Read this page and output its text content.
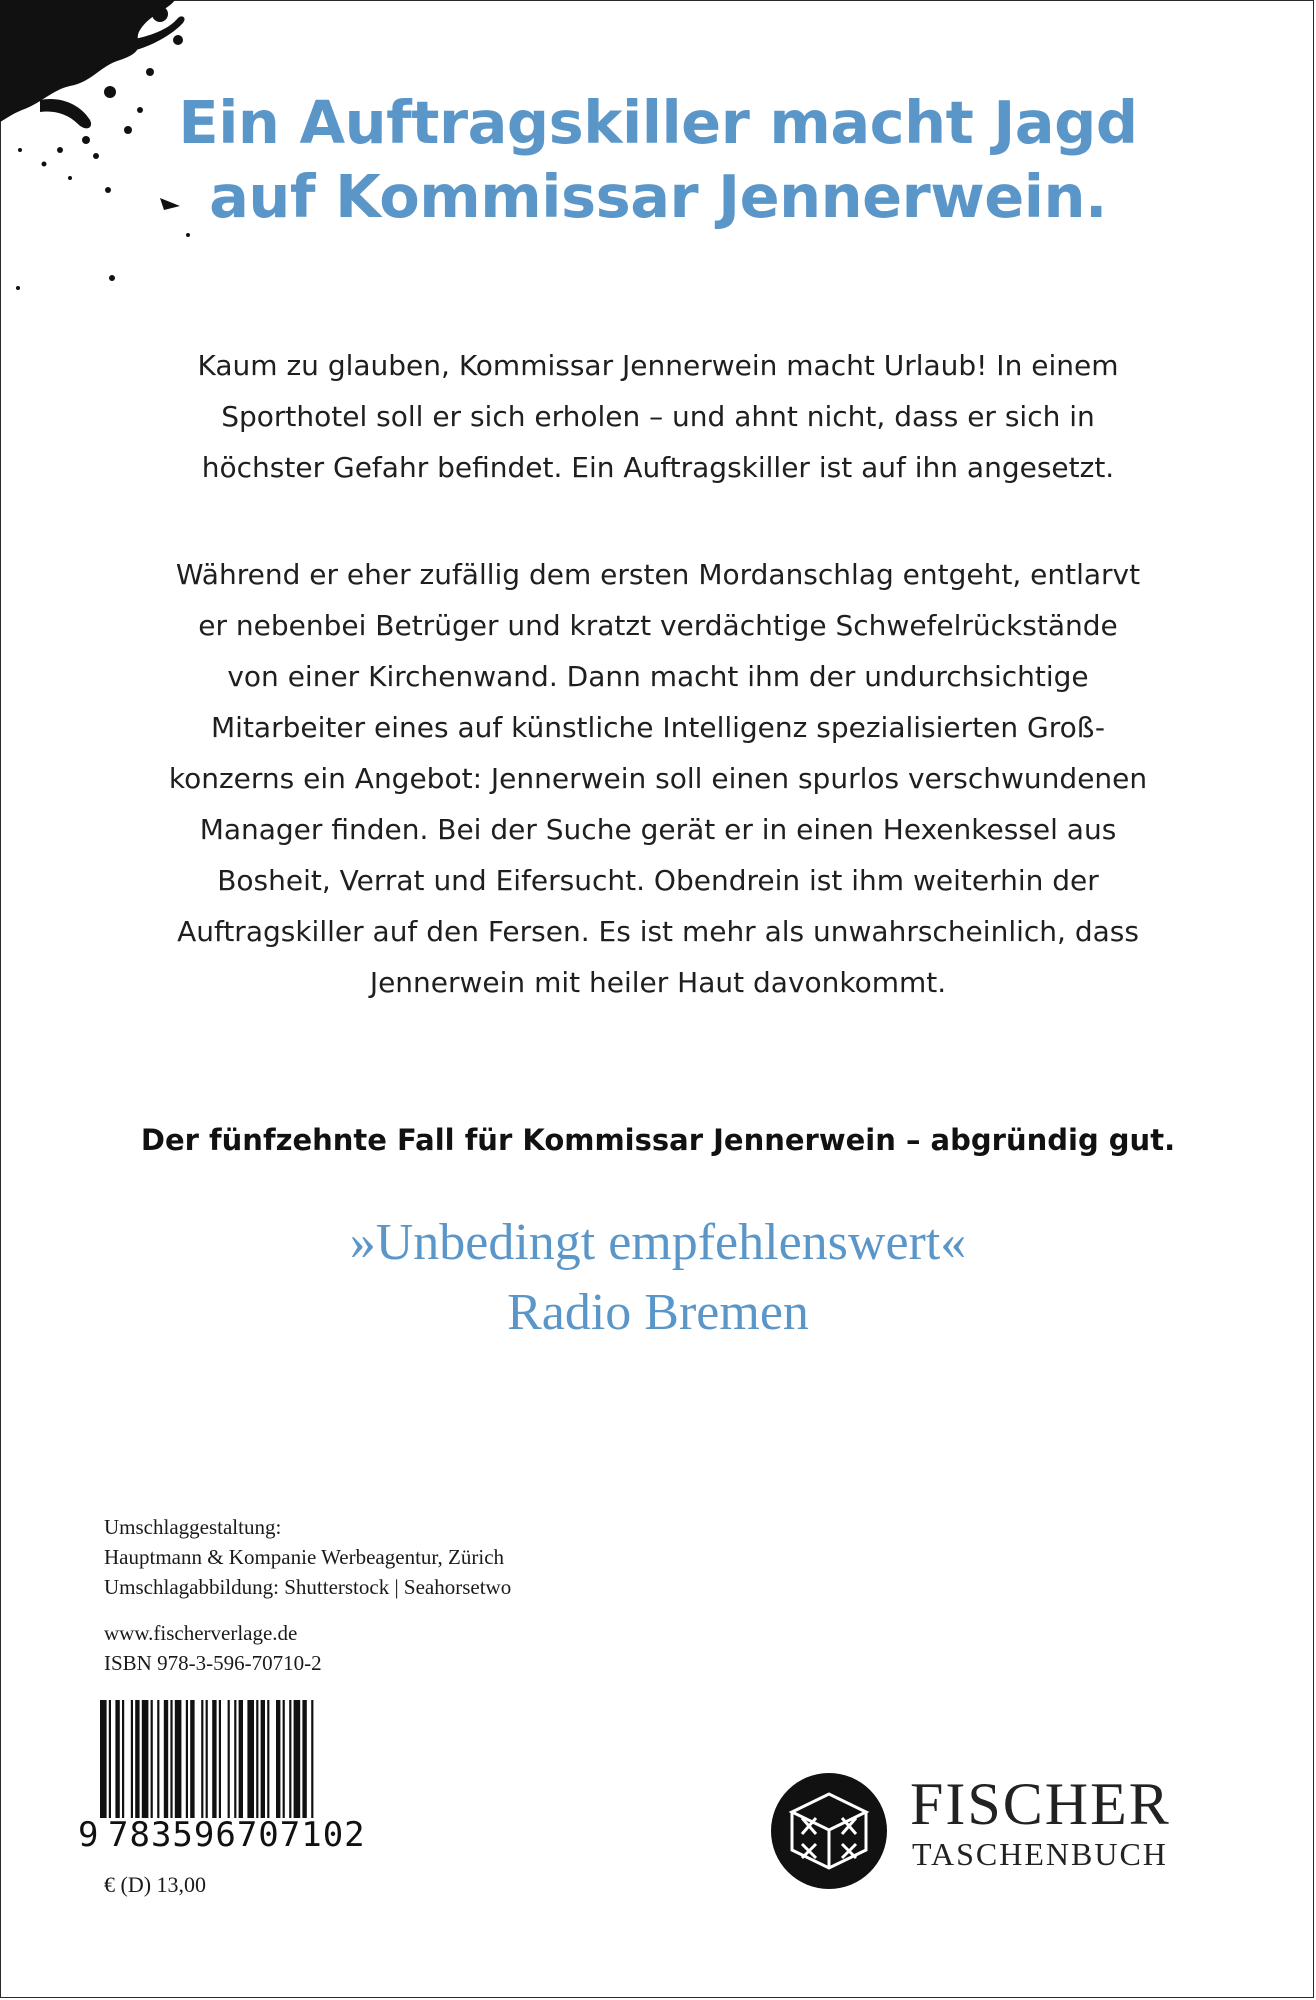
Ein Auftragskiller macht Jagd
auf Kommissar Jennerwein.
Kaum zu glauben, Kommissar Jennerwein macht Urlaub! In einem
Sporthotel soll er sich erholen – und ahnt nicht, dass er sich in
höchster Gefahr befindet. Ein Auftragskiller ist auf ihn angesetzt.
Während er eher zufällig dem ersten Mordanschlag entgeht, entlarvt
er nebenbei Betrüger und kratzt verdächtige Schwefelrückstände
von einer Kirchenwand. Dann macht ihm der undurchsichtige
Mitarbeiter eines auf künstliche Intelligenz spezialisierten Groß-
konzerns ein Angebot: Jennerwein soll einen spurlos verschwundenen
Manager finden. Bei der Suche gerät er in einen Hexenkessel aus
Bosheit, Verrat und Eifersucht. Obendrein ist ihm weiterhin der
Auftragskiller auf den Fersen. Es ist mehr als unwahrscheinlich, dass
Jennerwein mit heiler Haut davonkommt.
Der fünfzehnte Fall für Kommissar Jennerwein – abgründig gut.
»Unbedingt empfehlenswert«
Radio Bremen
Umschlaggestaltung:
Hauptmann & Kompanie Werbeagentur, Zürich
Umschlagabbildung: Shutterstock | Seahorsetwo
www.fischerverlage.de
ISBN 978-3-596-70710-2
9 783596707102
€ (D) 13,00
FISCHER
TASCHENBUCH
